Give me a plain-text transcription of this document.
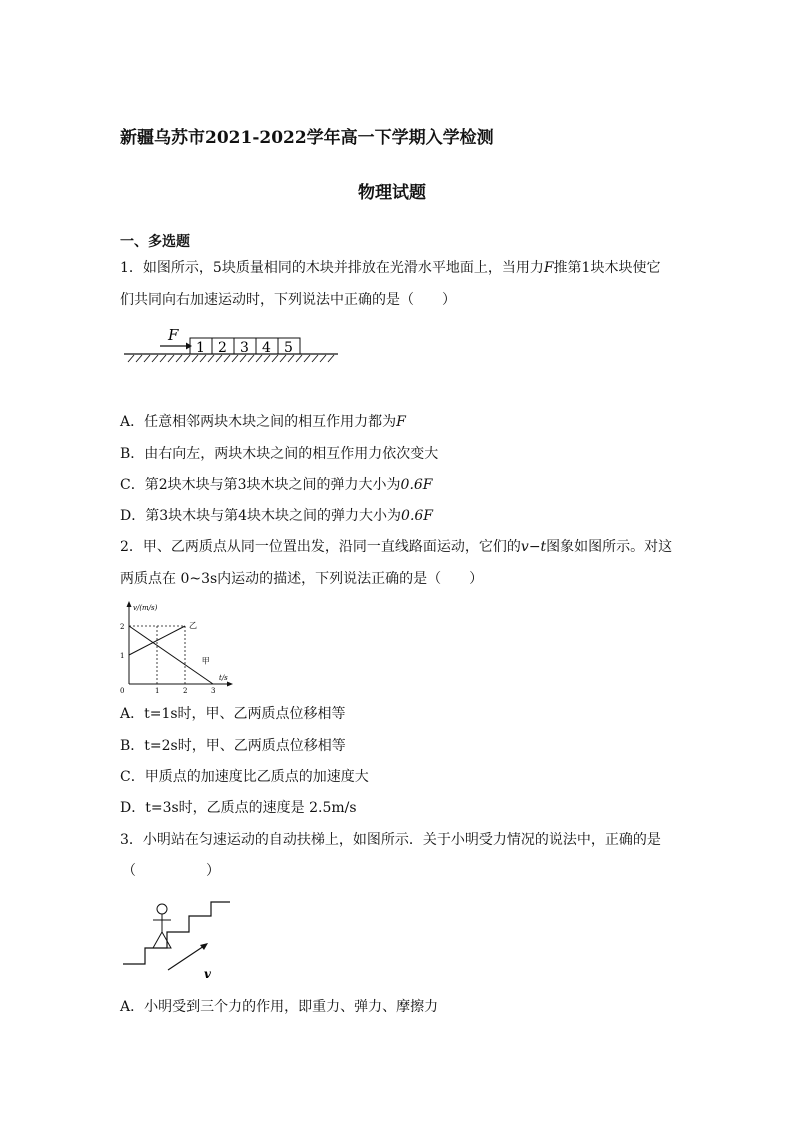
新疆乌苏市2021-2022学年高一下学期入学检测
物理试题
一、多选题
1．如图所示，5块质量相同的木块并排放在光滑水平地面上，当用力F推第1块木块使它
们共同向右加速运动时，下列说法中正确的是（　　）
F
1 2 3 4 5
A．任意相邻两块木块之间的相互作用力都为F
B．由右向左，两块木块之间的相互作用力依次变大
C．第2块木块与第3块木块之间的弹力大小为0.6F
D．第3块木块与第4块木块之间的弹力大小为0.6F
2．甲、乙两质点从同一位置出发，沿同一直线路面运动，它们的v−t图象如图所示。对这
两质点在 0~3s内运动的描述，下列说法正确的是（　　）
v/(m/s)
t/s
0	1	2	3
1
2
甲
乙
A．t=1s时，甲、乙两质点位移相等
B．t=2s时，甲、乙两质点位移相等
C．甲质点的加速度比乙质点的加速度大
D．t=3s时，乙质点的速度是 2.5m/s
3．小明站在匀速运动的自动扶梯上，如图所示．关于小明受力情况的说法中，正确的是
（　　　　　）
v
A．小明受到三个力的作用，即重力、弹力、摩擦力
